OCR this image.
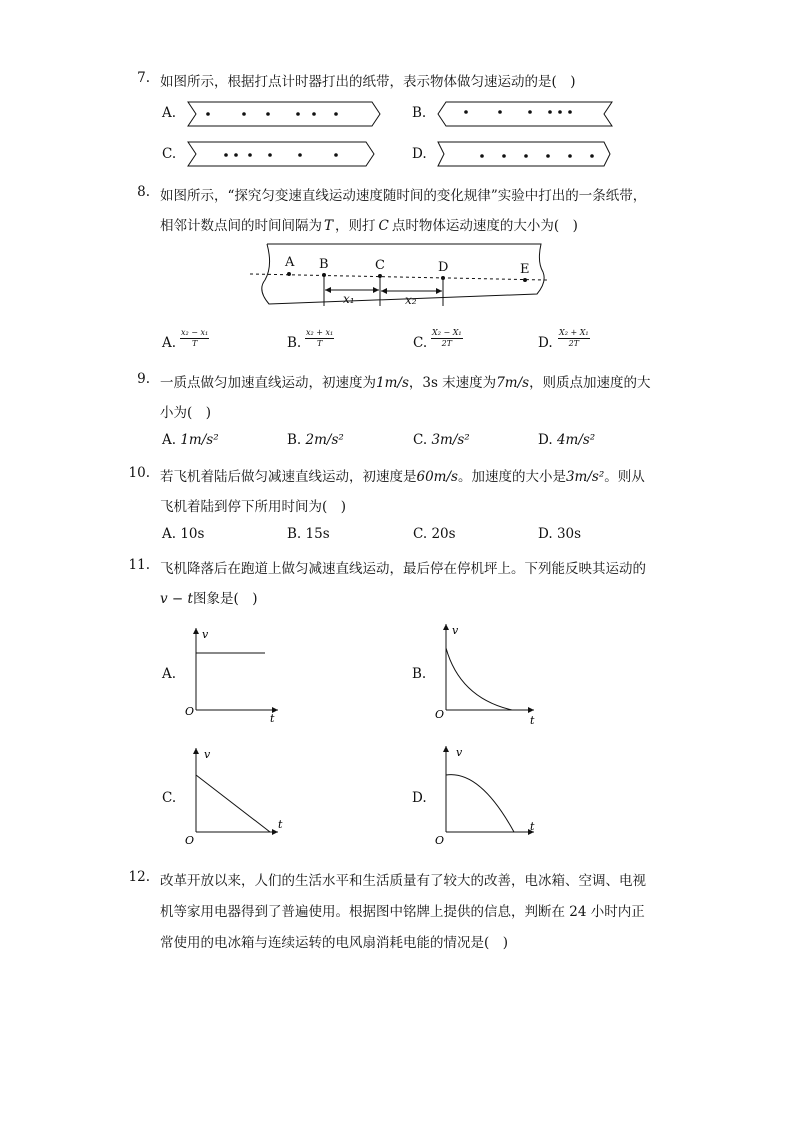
7. 如图所示，根据打点计时器打出的纸带，表示物体做匀速运动的是(　)
A.	B.
C.	D.
8. 如图所示，“探究匀变速直线运动速度随时间的变化规律”实验中打出的一条纸带，
相邻计数点间的时间间隔为 T ，则打 C 点时物体运动速度的大小为(　)
A B	C	D	E
x₁	x₂
A. $\frac{\text{x₂ − x₁}}{T}$	B. $\frac{\text{x₂ + x₁}}{T}$	C. $\frac{\text{X₂ − X₁}}{2T}$	D. $\frac{\text{X₂ + X₁}}{2T}$
9. 一质点做匀加速直线运动，初速度为1m/s，3s 末速度为7m/s，则质点加速度的大
小为(　)
A. 1m/s²	B. 2m/s²	C. 3m/s²	D. 4m/s²
10. 若飞机着陆后做匀减速直线运动，初速度是60m/s。加速度的大小是3m/s²。则从
飞机着陆到停下所用时间为(　)
A. 10s	B. 15s	C. 20s	D. 30s
11. 飞机降落后在跑道上做匀减速直线运动，最后停在停机坪上。下列能反映其运动的
v − t图象是(　)
A.
v
O
t
B.
v
O	t
C.
v
O
t
D.
v
O
t
12. 改革开放以来，人们的生活水平和生活质量有了较大的改善，电冰箱、空调、电视
机等家用电器得到了普遍使用。根据图中铭牌上提供的信息，判断在 24 小时内正
常使用的电冰箱与连续运转的电风扇消耗电能的情况是(　)
